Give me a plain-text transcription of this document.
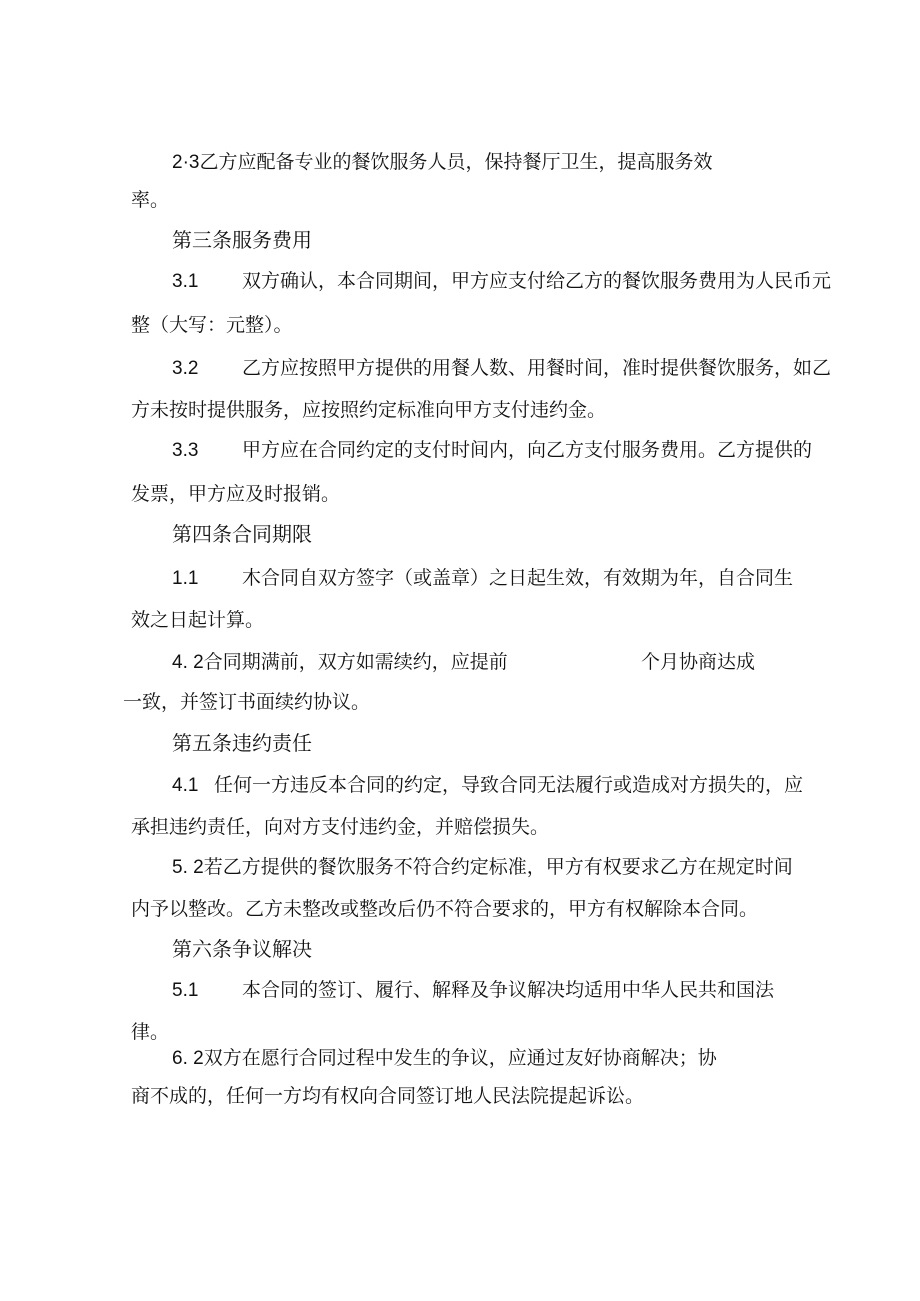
2·3乙方应配备专业的餐饮服务人员，保持餐厅卫生，提高服务效
率。
第三条服务费用
3.1 双方确认，本合同期间，甲方应支付给乙方的餐饮服务费用为人民币元
整（大写：元整）。
3.2 乙方应按照甲方提供的用餐人数、用餐时间，准时提供餐饮服务，如乙
方未按时提供服务，应按照约定标准向甲方支付违约金。
3.3 甲方应在合同约定的支付时间内，向乙方支付服务费用。乙方提供的
发票，甲方应及时报销。
第四条合同期限
1.1 木合同自双方签字（或盖章）之日起生效，有效期为年，自合同生
效之日起计算。
4. 2合同期满前，双方如需续约，应提前	个月协商达成
一致，并签订书面续约协议。
第五条违约责任
4.1 任何一方违反本合同的约定，导致合同无法履行或造成对方损失的，应
承担违约责任，向对方支付违约金，并赔偿损失。
5. 2若乙方提供的餐饮服务不符合约定标准，甲方有权要求乙方在规定时间
内予以整改。乙方未整改或整改后仍不符合要求的，甲方有权解除本合同。
第六条争议解决
5.1 本合同的签订、履行、解释及争议解决均适用中华人民共和国法
律。
6. 2双方在愿行合同过程中发生的争议，应通过友好协商解决；协
商不成的，任何一方均有权向合同签订地人民法院提起诉讼。
